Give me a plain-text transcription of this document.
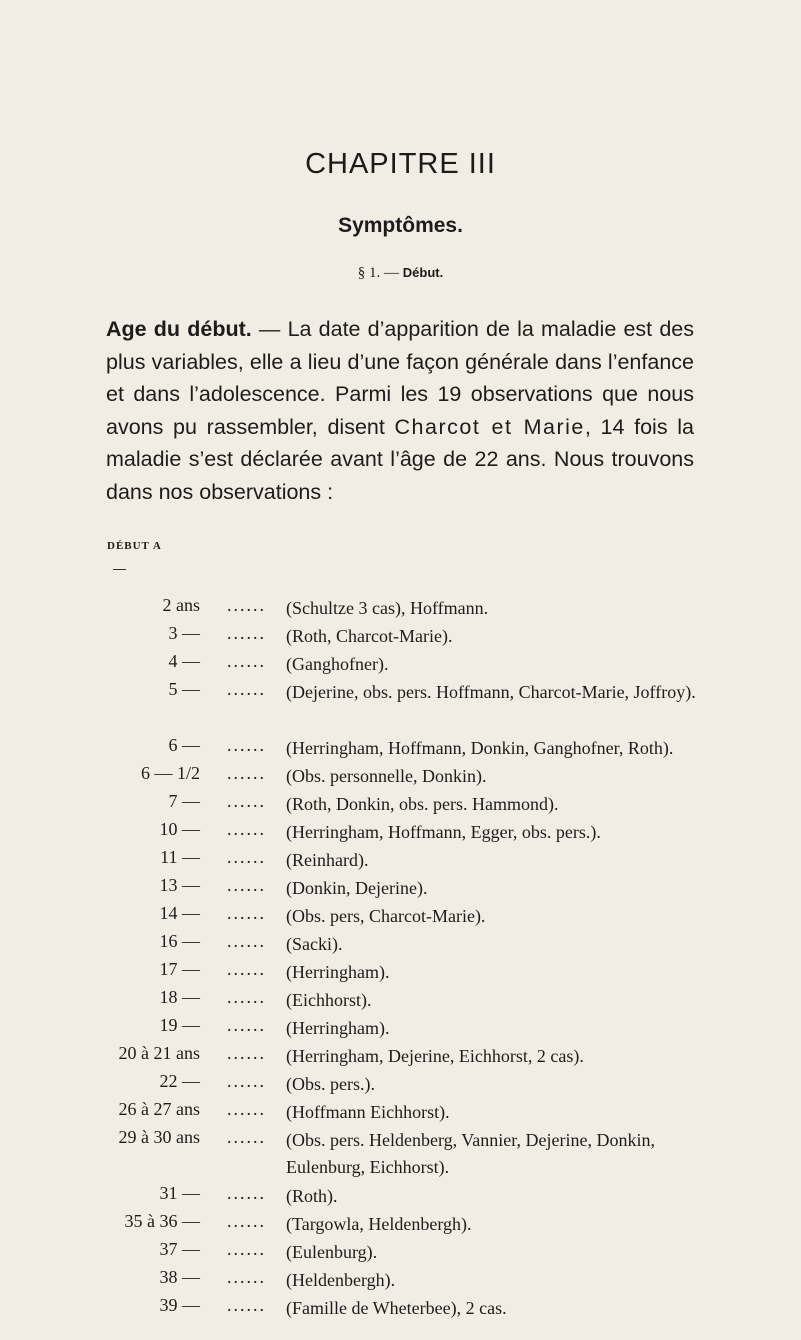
CHAPITRE III
Symptômes.
§ 1. — Début.
Age du début. — La date d’apparition de la maladie est des plus variables, elle a lieu d’une façon générale dans l’enfance et dans l’adolescence. Parmi les 19 observations que nous avons pu rassembler, disent Charcot et Marie, 14 fois la maladie s’est déclarée avant l’âge de 22 ans. Nous trouvons dans nos observations :
DÉBUT A
2 ans ...... (Schultze 3 cas), Hoffmann.
3 — ...... (Roth, Charcot-Marie).
4 — ...... (Ganghofner).
5 — ...... (Dejerine, obs. pers. Hoffmann, Charcot-Marie, Joffroy).
6 — ...... (Herringham, Hoffmann, Donkin, Ganghofner, Roth).
6 — 1/2 ...... (Obs. personnelle, Donkin).
7 — ...... (Roth, Donkin, obs. pers. Hammond).
10 — ...... (Herringham, Hoffmann, Egger, obs. pers.).
11 — ...... (Reinhard).
13 — ...... (Donkin, Dejerine).
14 — ...... (Obs. pers, Charcot-Marie).
16 — ...... (Sacki).
17 — ...... (Herringham).
18 — ...... (Eichhorst).
19 — ...... (Herringham).
20 à 21 ans ...... (Herringham, Dejerine, Eichhorst, 2 cas).
22 — ...... (Obs. pers.).
26 à 27 ans ...... (Hoffmann Eichhorst).
29 à 30 ans ...... (Obs. pers. Heldenberg, Vannier, Dejerine, Donkin, Eulenburg, Eichhorst).
31 — ...... (Roth).
35 à 36 — ...... (Targowla, Heldenbergh).
37 — ...... (Eulenburg).
38 — ...... (Heldenbergh).
39 — ...... (Famille de Wheterbee), 2 cas.
